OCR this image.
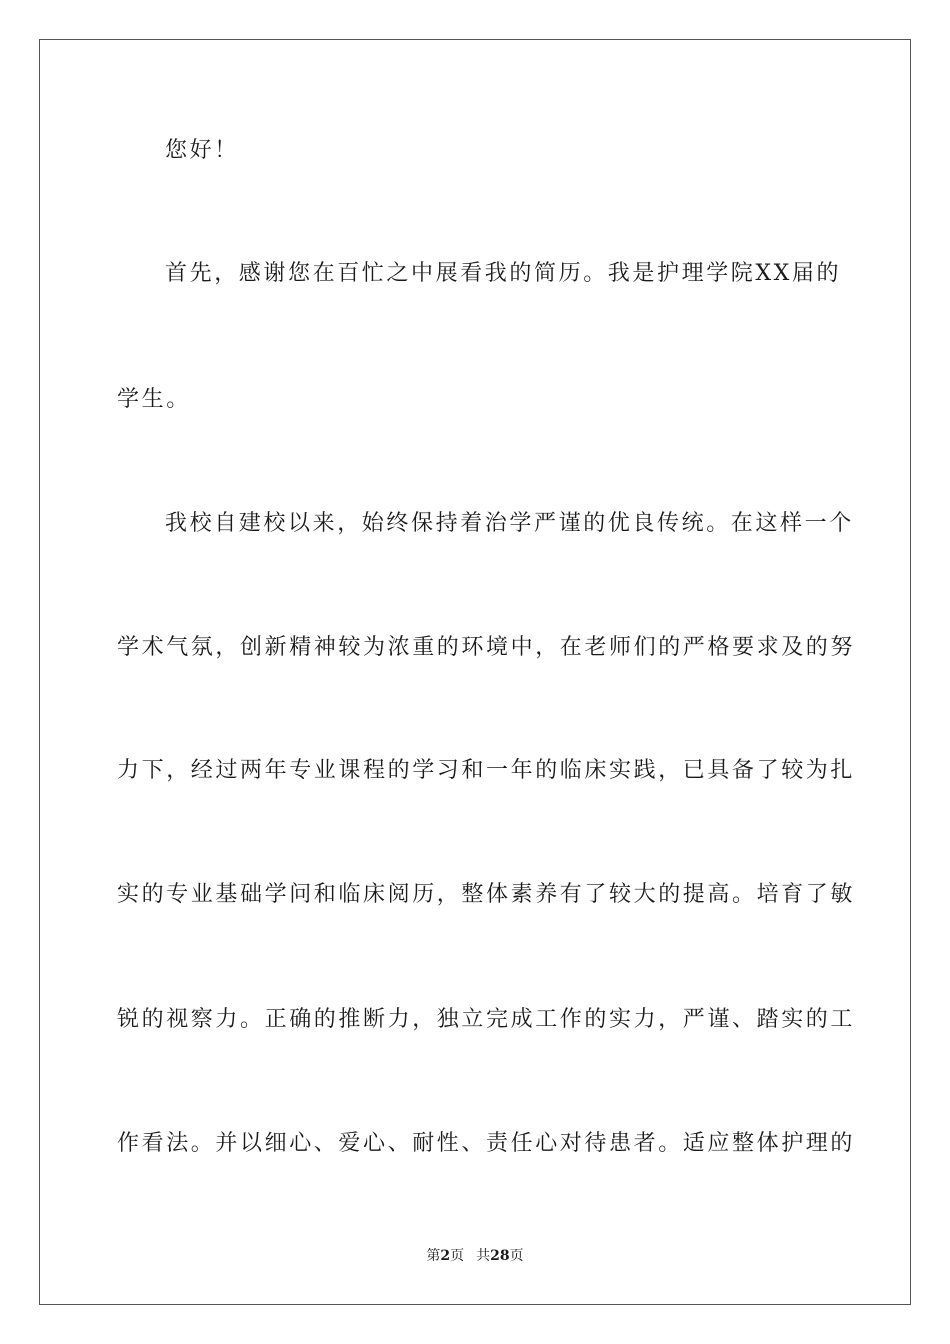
您好！
首先，感谢您在百忙之中展看我的简历。我是护理学院XX届的
学生。
我校自建校以来，始终保持着治学严谨的优良传统。在这样一个
学术气氛，创新精神较为浓重的环境中，在老师们的严格要求及的努
力下，经过两年专业课程的学习和一年的临床实践，已具备了较为扎
实的专业基础学问和临床阅历，整体素养有了较大的提高。培育了敏
锐的视察力。正确的推断力，独立完成工作的实力，严谨、踏实的工
作看法。并以细心、爱心、耐性、责任心对待患者。适应整体护理的
第2页 共28页
